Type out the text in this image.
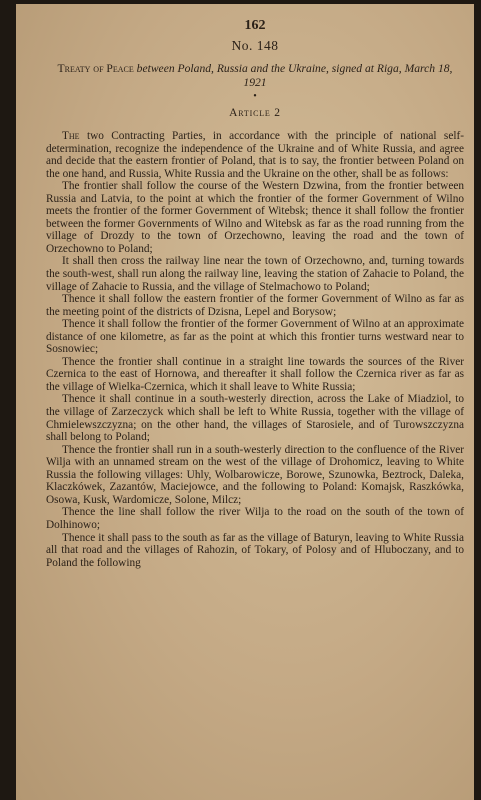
162
No. 148
Treaty of Peace between Poland, Russia and the Ukraine, signed at Riga, March 18, 1921
•
Article 2

The two Contracting Parties, in accordance with the principle of national self-determination, recognize the independence of the Ukraine and of White Russia, and agree and decide that the eastern frontier of Poland, that is to say, the frontier between Poland on the one hand, and Russia, White Russia and the Ukraine on the other, shall be as follows:

The frontier shall follow the course of the Western Dzwina, from the frontier between Russia and Latvia, to the point at which the frontier of the former Government of Wilno meets the frontier of the former Government of Witebsk; thence it shall follow the frontier between the former Governments of Wilno and Witebsk as far as the road running from the village of Drozdy to the town of Orzechowno, leaving the road and the town of Orzechowno to Poland;

It shall then cross the railway line near the town of Orzechowno, and, turning towards the south-west, shall run along the railway line, leaving the station of Zahacie to Poland, the village of Zahacie to Russia, and the village of Stelmachowo to Poland;

Thence it shall follow the eastern frontier of the former Government of Wilno as far as the meeting point of the districts of Dzisna, Lepel and Borysow;

Thence it shall follow the frontier of the former Government of Wilno at an approximate distance of one kilometre, as far as the point at which this frontier turns westward near to Sosnowiec;

Thence the frontier shall continue in a straight line towards the sources of the River Czernica to the east of Hornowa, and thereafter it shall follow the Czernica river as far as the village of Wielka-Czernica, which it shall leave to White Russia;

Thence it shall continue in a south-westerly direction, across the Lake of Miadziol, to the village of Zarzeczyck which shall be left to White Russia, together with the village of Chmielewszczyzna; on the other hand, the villages of Starosiele, and of Turowszczyzna shall belong to Poland;

Thence the frontier shall run in a south-westerly direction to the confluence of the River Wilja with an unnamed stream on the west of the village of Drohomicz, leaving to White Russia the following villages: Uhly, Wolbarowicze, Borowe, Szunowka, Beztrock, Daleka, Klaczkówek, Zazantów, Maciejowce, and the following to Poland: Komajsk, Raszkówka, Osowa, Kusk, Wardomicze, Solone, Milcz;

Thence the line shall follow the river Wilja to the road on the south of the town of Dolhinowo;

Thence it shall pass to the south as far as the village of Baturyn, leaving to White Russia all that road and the villages of Rahozin, of Tokary, of Polosy and of Hluboczany, and to Poland the following
